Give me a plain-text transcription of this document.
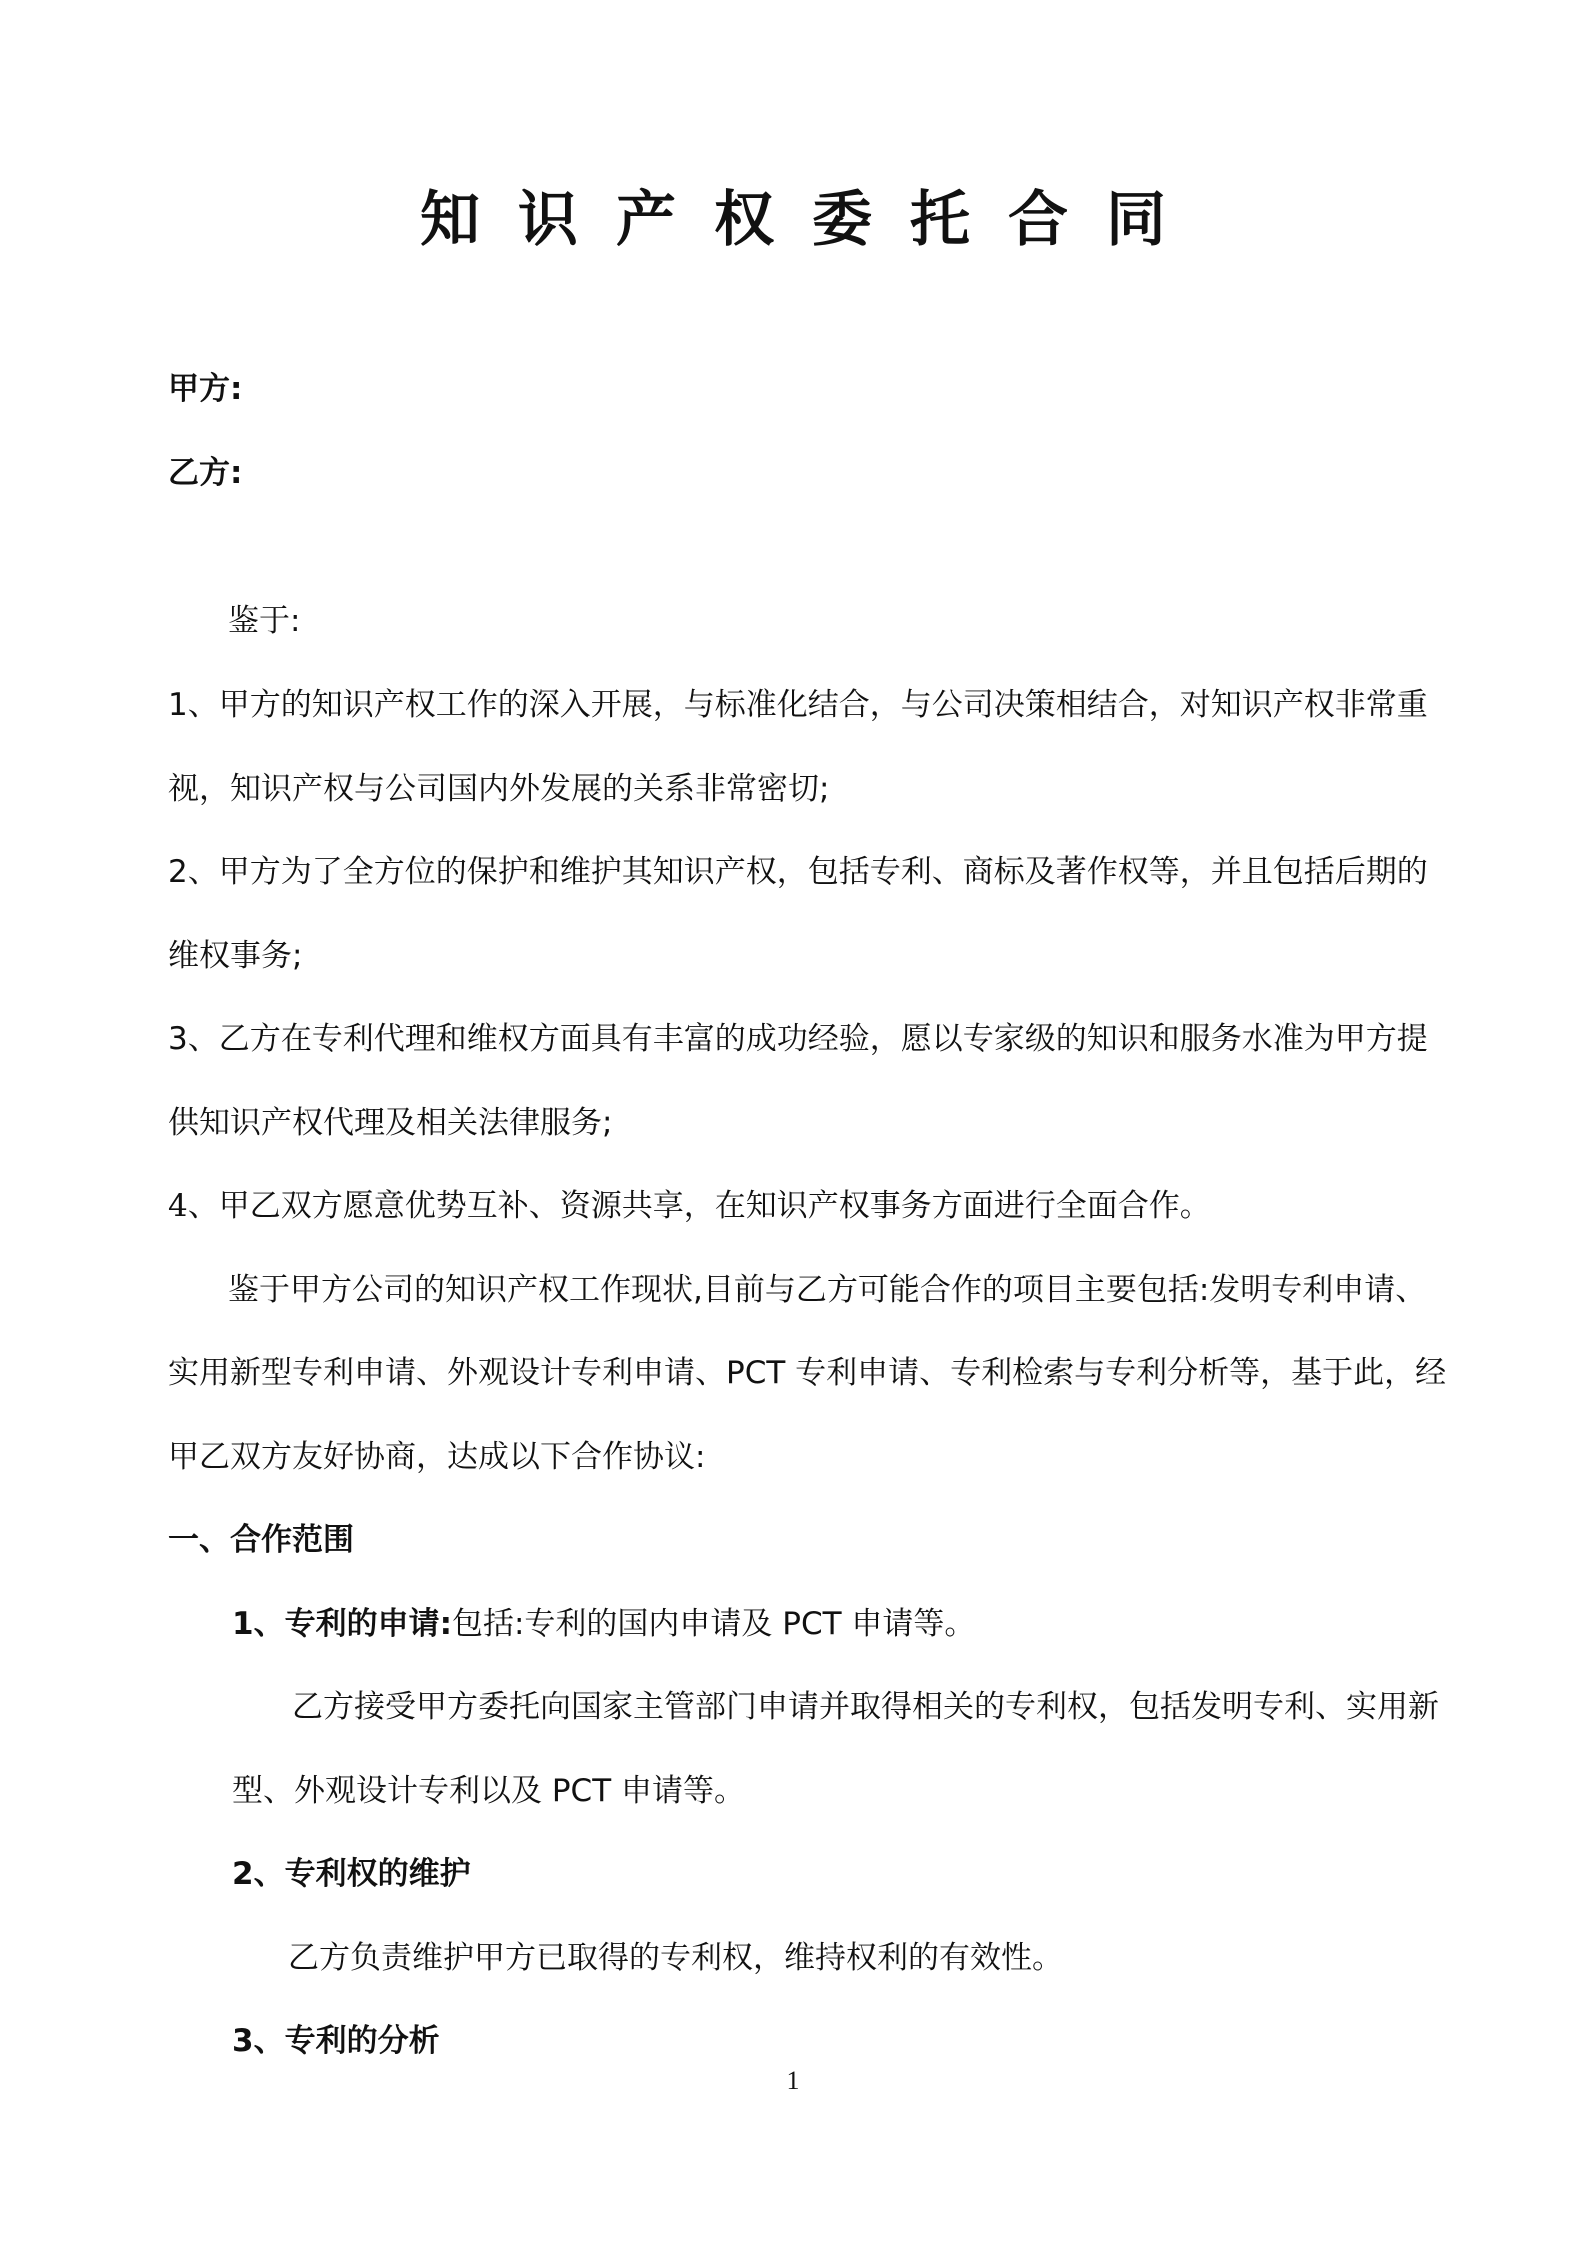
知识产权委托合同
甲方:
乙方:
鉴于:
1、甲方的知识产权工作的深入开展，与标准化结合，与公司决策相结合，对知识产权非常重
视，知识产权与公司国内外发展的关系非常密切;
2、甲方为了全方位的保护和维护其知识产权，包括专利、商标及著作权等，并且包括后期的
维权事务;
3、乙方在专利代理和维权方面具有丰富的成功经验，愿以专家级的知识和服务水准为甲方提
供知识产权代理及相关法律服务;
4、甲乙双方愿意优势互补、资源共享，在知识产权事务方面进行全面合作。
鉴于甲方公司的知识产权工作现状,目前与乙方可能合作的项目主要包括:发明专利申请、
实用新型专利申请、外观设计专利申请、PCT 专利申请、专利检索与专利分析等，基于此，经
甲乙双方友好协商，达成以下合作协议:
一、合作范围
1、专利的申请:包括:专利的国内申请及 PCT 申请等。
乙方接受甲方委托向国家主管部门申请并取得相关的专利权，包括发明专利、实用新
型、外观设计专利以及 PCT 申请等。
2、专利权的维护
乙方负责维护甲方已取得的专利权，维持权利的有效性。
3、专利的分析
1
